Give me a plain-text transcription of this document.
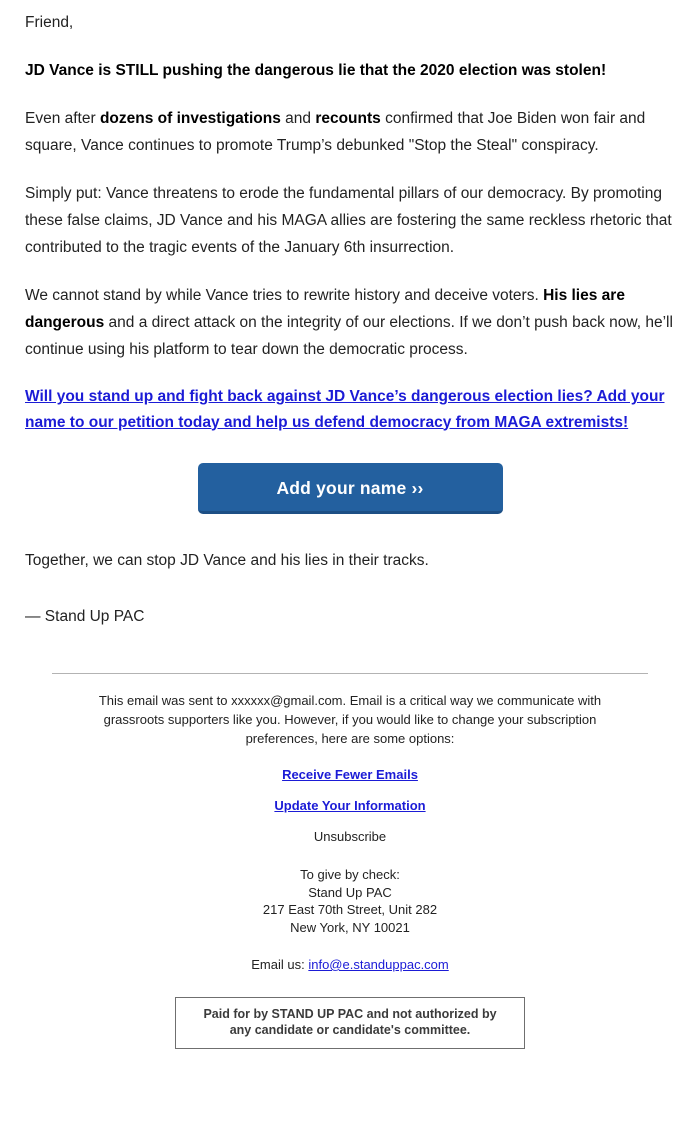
Friend,

JD Vance is STILL pushing the dangerous lie that the 2020 election was stolen!

Even after dozens of investigations and recounts confirmed that Joe Biden won fair and square, Vance continues to promote Trump’s debunked "Stop the Steal" conspiracy.

Simply put: Vance threatens to erode the fundamental pillars of our democracy. By promoting these false claims, JD Vance and his MAGA allies are fostering the same reckless rhetoric that contributed to the tragic events of the January 6th insurrection.

We cannot stand by while Vance tries to rewrite history and deceive voters. His lies are dangerous and a direct attack on the integrity of our elections. If we don’t push back now, he’ll continue using his platform to tear down the democratic process.

Will you stand up and fight back against JD Vance’s dangerous election lies? Add your name to our petition today and help us defend democracy from MAGA extremists!

Add your name ››

Together, we can stop JD Vance and his lies in their tracks.

— Stand Up PAC

This email was sent to xxxxxx@gmail.com. Email is a critical way we communicate with grassroots supporters like you. However, if you would like to change your subscription preferences, here are some options:
Receive Fewer Emails
Update Your Information
Unsubscribe
To give by check:
Stand Up PAC
217 East 70th Street, Unit 282
New York, NY 10021
Email us: info@e.standuppac.com
Paid for by STAND UP PAC and not authorized by
any candidate or candidate's committee.
